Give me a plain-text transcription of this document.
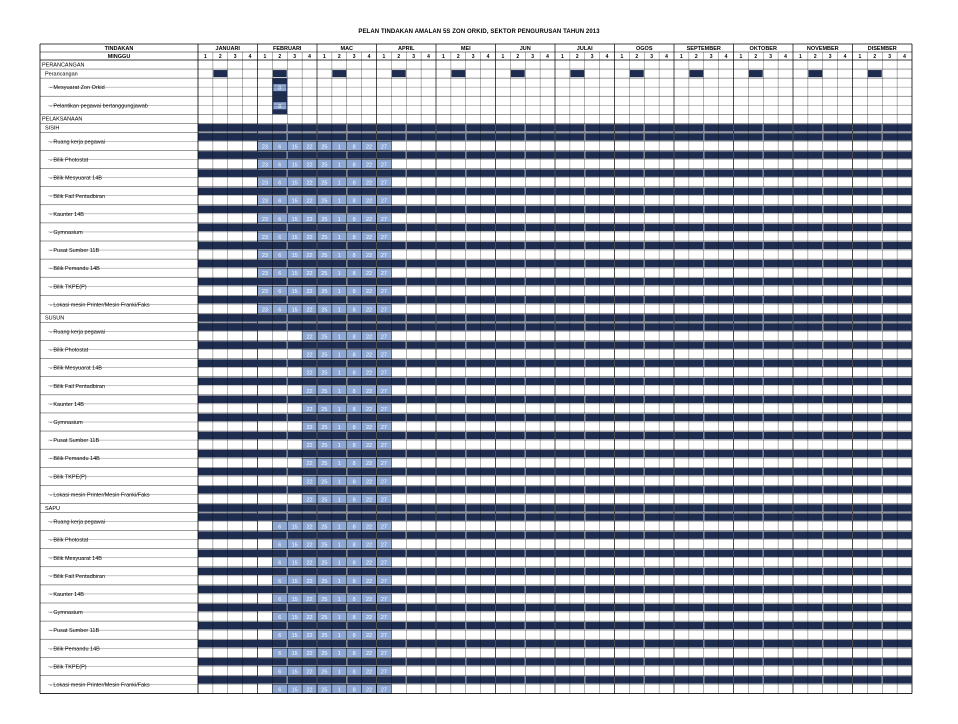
PELAN TINDAKAN AMALAN 5S ZON ORKID, SEKTOR PENGURUSAN TAHUN 2013
TINDAKAN
MINGGU
JANUARI
1 2 3 4
FEBRUARI
1 2 3 4
MAC
1 2 3 4
APRIL
1 2 3 4
MEI
1 2 3 4
JUN
1 2 3 4
JULAI
1 2 3 4
OGOS
1 2 3 4
SEPTEMBER
1 2 3 4
OKTOBER
1 2 3 4
NOVEMBER
1 2 3 4
DISEMBER
1 2 3 4
PERANCANGAN
Perancangan
- Mesyuarat Zon Orkid	8
- Pelantikan pegawai bertanggungjawab	8
PELAKSANAAN
SISIH
- Ruang kerja pegawai
23 6 15 22 25 1 8 22 27
- Bilik Photostat
23 6 15 22 25 1 8 22 27
- Bilik Mesyuarat 14B
23 6 15 22 25 1 8 22 27
- Bilik Fail Pentadbiran
23 6 15 22 25 1 8 22 27
- Kaunter 14B
23 6 15 22 25 1 8 22 27
- Gymnasium
23 6 15 22 25 1 8 22 27
- Pusat Sumber 11B
23 6 15 22 25 1 8 22 27
- Bilik Pemandu 14B
23 6 15 22 25 1 8 22 27
- Bilik TKPE(P)
23 6 15 22 25 1 8 22 27
- Lokasi mesin Printer/Mesin Franki/Faks
23 6 15 22 25 1 8 22 27
SUSUN
- Ruang kerja pegawai
22 25 1 8 22 27
- Bilik Photostat
22 25 1 8 22 27
- Bilik Mesyuarat 14B
22 25 1 8 22 27
- Bilik Fail Pentadbiran
22 25 1 8 22 27
- Kaunter 14B
22 25 1 8 22 27
- Gymnasium
22 25 1 8 22 27
- Pusat Sumber 11B
22 25 1 8 22 27
- Bilik Pemandu 14B
22 25 1 8 22 27
- Bilik TKPE(P)
22 25 1 8 22 27
- Lokasi mesin Printer/Mesin Franki/Faks
22 25 1 8 22 27
SAPU
- Ruang kerja pegawai
6 15 22 25 1 8 22 27
- Bilik Photostat
6 15 22 25 1 8 22 27
- Bilik Mesyuarat 14B
6 15 22 25 1 8 22 27
- Bilik Fail Pentadbiran
6 15 22 25 1 8 22 27
- Kaunter 14B
6 15 22 25 1 8 22 27
- Gymnasium
6 15 22 25 1 8 22 27
- Pusat Sumber 11B
6 15 22 25 1 8 22 27
- Bilik Pemandu 14B
6 15 22 25 1 8 22 27
- Bilik TKPE(P)
6 15 22 25 1 8 22 27
- Lokasi mesin Printer/Mesin Franki/Faks
6 15 22 25 1 8 22 27
